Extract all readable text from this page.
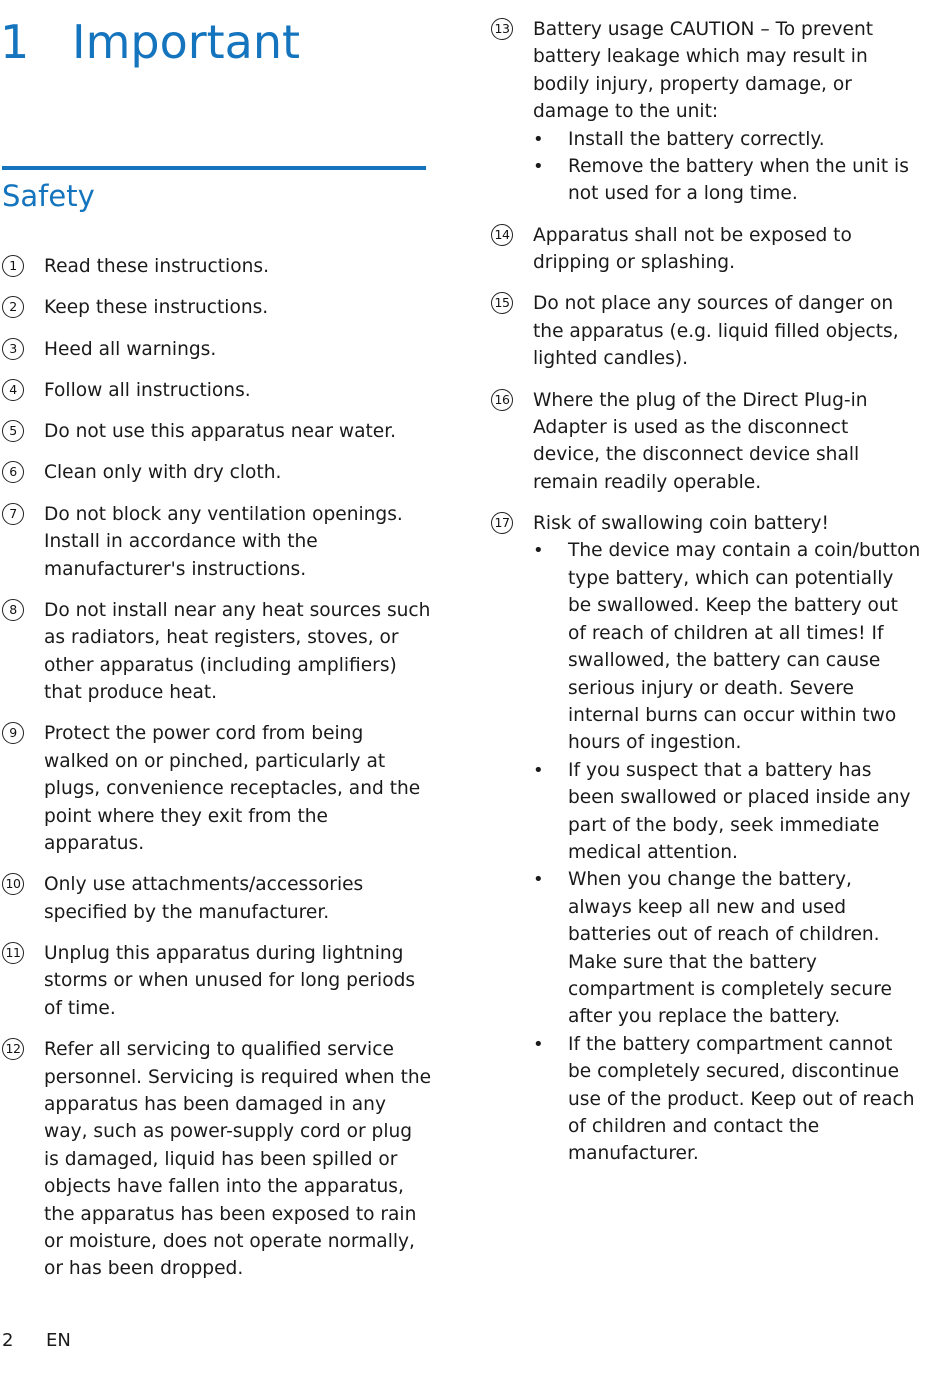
1 Important
Safety
1	Read these instructions.
2	Keep these instructions.
3	Heed all warnings.
4	Follow all instructions.
5	Do not use this apparatus near water.
6	Clean only with dry cloth.
7	Do not block any ventilation openings. Install in accordance with the manufacturer's instructions.
8	Do not install near any heat sources such as radiators, heat registers, stoves, or other apparatus (including amplifiers) that produce heat.
9	Protect the power cord from being walked on or pinched, particularly at plugs, convenience receptacles, and the point where they exit from the apparatus.
10 Only use attachments/accessories specified by the manufacturer.
11 Unplug this apparatus during lightning storms or when unused for long periods of time.
12 Refer all servicing to qualified service personnel. Servicing is required when the apparatus has been damaged in any way, such as power-supply cord or plug is damaged, liquid has been spilled or objects have fallen into the apparatus, the apparatus has been exposed to rain or moisture, does not operate normally, or has been dropped.
13 Battery usage CAUTION – To prevent battery leakage which may result in bodily injury, property damage, or damage to the unit:
• Install the battery correctly.
• Remove the battery when the unit is not used for a long time.
14 Apparatus shall not be exposed to dripping or splashing.
15 Do not place any sources of danger on the apparatus (e.g. liquid filled objects, lighted candles).
16 Where the plug of the Direct Plug-in Adapter is used as the disconnect device, the disconnect device shall remain readily operable.
17 Risk of swallowing coin battery!
• The device may contain a coin/button type battery, which can potentially be swallowed. Keep the battery out of reach of children at all times! If swallowed, the battery can cause serious injury or death. Severe internal burns can occur within two hours of ingestion.
• If you suspect that a battery has been swallowed or placed inside any part of the body, seek immediate medical attention.
• When you change the battery, always keep all new and used batteries out of reach of children. Make sure that the battery compartment is completely secure after you replace the battery.
• If the battery compartment cannot be completely secured, discontinue use of the product. Keep out of reach of children and contact the manufacturer.
2 EN
